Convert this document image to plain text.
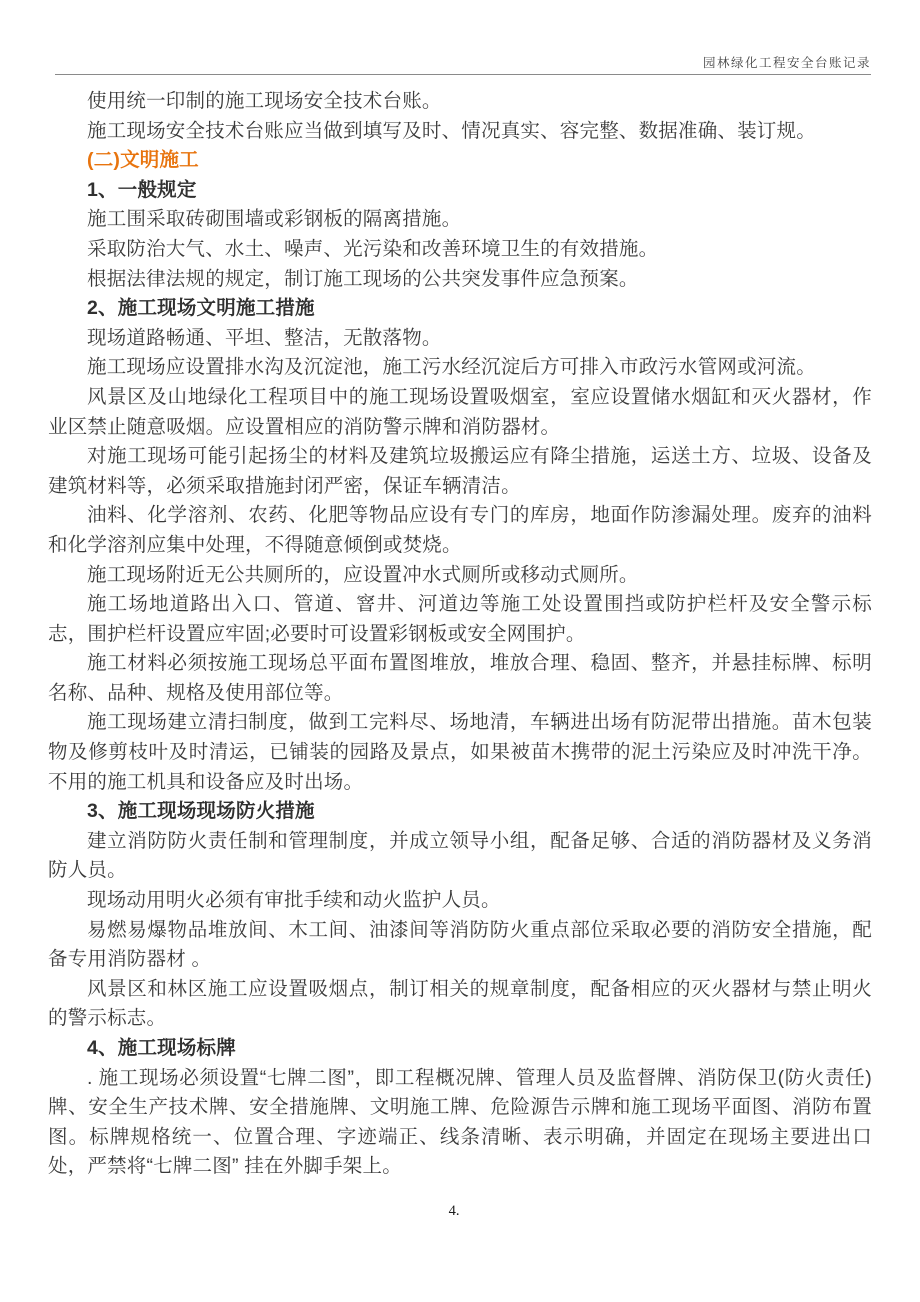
园林绿化工程安全台账记录

使用统一印制的施工现场安全技术台账。

施工现场安全技术台账应当做到填写及时、情况真实、容完整、数据准确、装订规。

(二)文明施工

1、一般规定

施工围采取砖砌围墙或彩钢板的隔离措施。

采取防治大气、水土、噪声、光污染和改善环境卫生的有效措施。

根据法律法规的规定，制订施工现场的公共突发事件应急预案。

2、施工现场文明施工措施

现场道路畅通、平坦、整洁，无散落物。

施工现场应设置排水沟及沉淀池，施工污水经沉淀后方可排入市政污水管网或河流。

风景区及山地绿化工程项目中的施工现场设置吸烟室，室应设置储水烟缸和灭火器材，作业区禁止随意吸烟。应设置相应的消防警示牌和消防器材。

对施工现场可能引起扬尘的材料及建筑垃圾搬运应有降尘措施，运送土方、垃圾、设备及建筑材料等，必须采取措施封闭严密，保证车辆清洁。

油料、化学溶剂、农药、化肥等物品应设有专门的库房，地面作防渗漏处理。废弃的油料和化学溶剂应集中处理，不得随意倾倒或焚烧。

施工现场附近无公共厕所的，应设置冲水式厕所或移动式厕所。

施工场地道路出入口、管道、窨井、河道边等施工处设置围挡或防护栏杆及安全警示标志，围护栏杆设置应牢固;必要时可设置彩钢板或安全网围护。

施工材料必须按施工现场总平面布置图堆放，堆放合理、稳固、整齐，并悬挂标牌、标明名称、品种、规格及使用部位等。

施工现场建立清扫制度，做到工完料尽、场地清，车辆进出场有防泥带出措施。苗木包装物及修剪枝叶及时清运，已铺装的园路及景点，如果被苗木携带的泥土污染应及时冲洗干净。不用的施工机具和设备应及时出场。

3、施工现场现场防火措施

建立消防防火责任制和管理制度，并成立领导小组，配备足够、合适的消防器材及义务消防人员。

现场动用明火必须有审批手续和动火监护人员。

易燃易爆物品堆放间、木工间、油漆间等消防防火重点部位采取必要的消防安全措施，配备专用消防器材 。

风景区和林区施工应设置吸烟点，制订相关的规章制度，配备相应的灭火器材与禁止明火的警示标志。

4、施工现场标牌

. 施工现场必须设置“七牌二图”，即工程概况牌、管理人员及监督牌、消防保卫(防火责任)牌、安全生产技术牌、安全措施牌、文明施工牌、危险源告示牌和施工现场平面图、消防布置图。标牌规格统一、位置合理、字迹端正、线条清晰、表示明确，并固定在现场主要进出口处，严禁将“七牌二图” 挂在外脚手架上。

4.
